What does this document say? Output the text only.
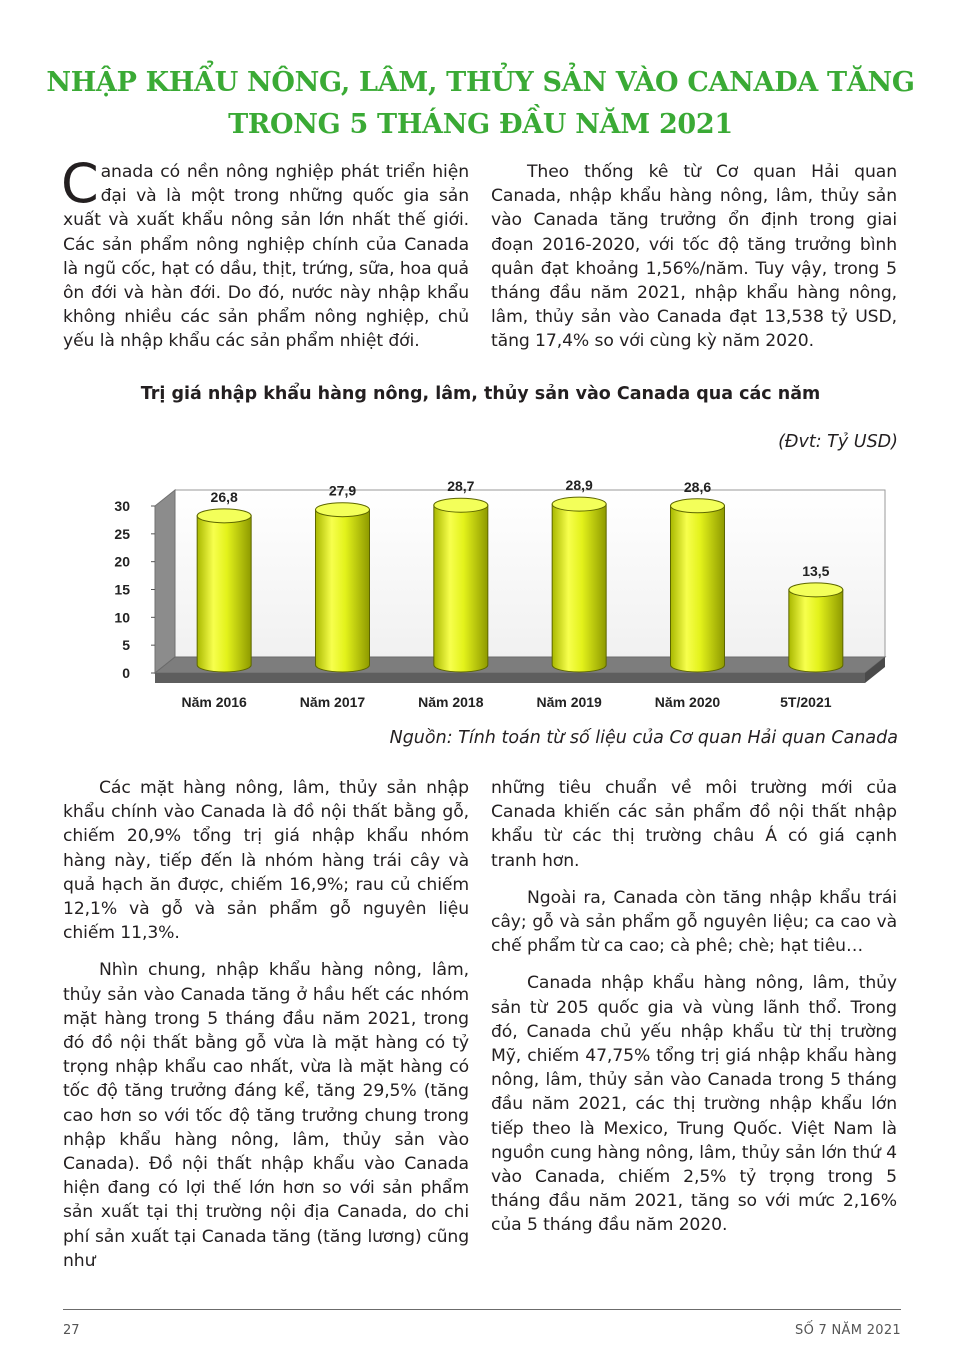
NHẬP KHẨU NÔNG, LÂM, THỦY SẢN VÀO CANADA TĂNG
TRONG 5 THÁNG ĐẦU NĂM 2021

Canada có nền nông nghiệp phát triển hiện đại và là một trong những quốc gia sản xuất và xuất khẩu nông sản lớn nhất thế giới. Các sản phẩm nông nghiệp chính của Canada là ngũ cốc, hạt có dầu, thịt, trứng, sữa, hoa quả ôn đới và hàn đới. Do đó, nước này nhập khẩu không nhiều các sản phẩm nông nghiệp, chủ yếu là nhập khẩu các sản phẩm nhiệt đới.

Theo thống kê từ Cơ quan Hải quan Canada, nhập khẩu hàng nông, lâm, thủy sản vào Canada tăng trưởng ổn định trong giai đoạn 2016-2020, với tốc độ tăng trưởng bình quân đạt khoảng 1,56%/năm. Tuy vậy, trong 5 tháng đầu năm 2021, nhập khẩu hàng nông, lâm, thủy sản vào Canada đạt 13,538 tỷ USD, tăng 17,4% so với cùng kỳ năm 2020.

Trị giá nhập khẩu hàng nông, lâm, thủy sản vào Canada qua các năm
(Đvt: Tỷ USD)
0
5
10
15
20
25
30
26,8	27,9	28,7	28,9	28,6
13,5
Năm 2016	Năm 2017	Năm 2018	Năm 2019	Năm 2020	5T/2021
Nguồn: Tính toán từ số liệu của Cơ quan Hải quan Canada

Các mặt hàng nông, lâm, thủy sản nhập khẩu chính vào Canada là đồ nội thất bằng gỗ, chiếm 20,9% tổng trị giá nhập khẩu nhóm hàng này, tiếp đến là nhóm hàng trái cây và quả hạch ăn được, chiếm 16,9%; rau củ chiếm 12,1% và gỗ và sản phẩm gỗ nguyên liệu chiếm 11,3%.

Nhìn chung, nhập khẩu hàng nông, lâm, thủy sản vào Canada tăng ở hầu hết các nhóm mặt hàng trong 5 tháng đầu năm 2021, trong đó đồ nội thất bằng gỗ vừa là mặt hàng có tỷ trọng nhập khẩu cao nhất, vừa là mặt hàng có tốc độ tăng trưởng đáng kể, tăng 29,5% (tăng cao hơn so với tốc độ tăng trưởng chung trong nhập khẩu hàng nông, lâm, thủy sản vào Canada). Đồ nội thất nhập khẩu vào Canada hiện đang có lợi thế lớn hơn so với sản phẩm sản xuất tại thị trường nội địa Canada, do chi phí sản xuất tại Canada tăng (tăng lương) cũng như

những tiêu chuẩn về môi trường mới của Canada khiến các sản phẩm đồ nội thất nhập khẩu từ các thị trường châu Á có giá cạnh tranh hơn.

Ngoài ra, Canada còn tăng nhập khẩu trái cây; gỗ và sản phẩm gỗ nguyên liệu; ca cao và chế phẩm từ ca cao; cà phê; chè; hạt tiêu…

Canada nhập khẩu hàng nông, lâm, thủy sản từ 205 quốc gia và vùng lãnh thổ. Trong đó, Canada chủ yếu nhập khẩu từ thị trường Mỹ, chiếm 47,75% tổng trị giá nhập khẩu hàng nông, lâm, thủy sản vào Canada trong 5 tháng đầu năm 2021, các thị trường nhập khẩu lớn tiếp theo là Mexico, Trung Quốc. Việt Nam là nguồn cung hàng nông, lâm, thủy sản lớn thứ 4 vào Canada, chiếm 2,5% tỷ trọng trong 5 tháng đầu năm 2021, tăng so với mức 2,16% của 5 tháng đầu năm 2020.

27	SỐ 7 NĂM 2021
